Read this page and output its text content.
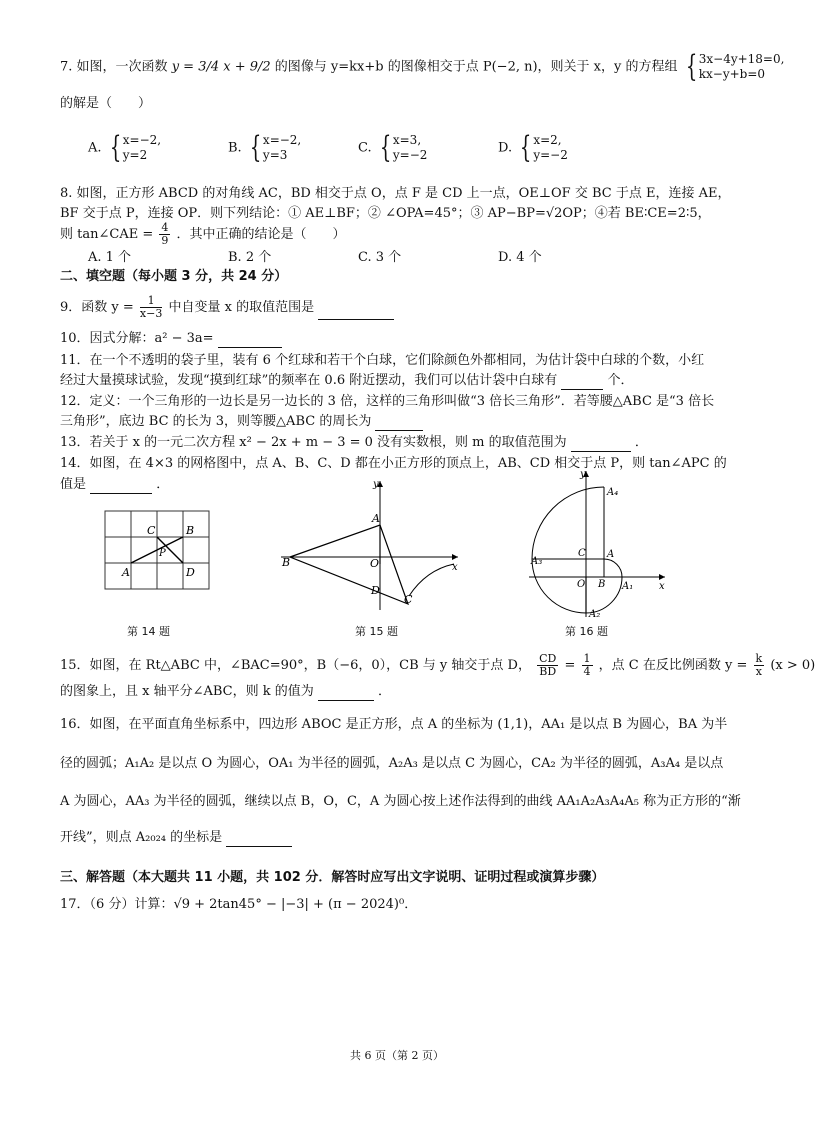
7. 如图，一次函数 y = 3/4 x + 9/2 的图像与 y=kx+b 的图像相交于点 P(−2, n)，则关于 x，y 的方程组 { 3x−4y+18=0,
kx−y+b=0
的解是（　　）
A. { x=−2,
y=2	B. { x=−2,
y=3	C. { x=3,
y=−2	D. { x=2,
y=−2
8. 如图，正方形 ABCD 的对角线 AC，BD 相交于点 O，点 F 是 CD 上一点，OE⊥OF 交 BC 于点 E，连接 AE，
BF 交于点 P，连接 OP．则下列结论：① AE⊥BF；② ∠OPA=45°；③ AP−BP=√2OP；④若 BE∶CE=2∶5，
则 tan∠CAE = $\frac{4}{9}$ ．其中正确的结论是（　　）
A. 1 个	B. 2 个	C. 3 个	D. 4 个
二、填空题（每小题 3 分，共 24 分）
9．函数 $y = \frac{1}{x-3}$ 中自变量 x 的取值范围是
10．因式分解：a² − 3a=
11．在一个不透明的袋子里，装有 6 个红球和若干个白球，它们除颜色外都相同，为估计袋中白球的个数，小红
经过大量摸球试验，发现“摸到红球”的频率在 0.6 附近摆动，我们可以估计袋中白球有	个．
12．定义：一个三角形的一边长是另一边长的 3 倍，这样的三角形叫做“3 倍长三角形”．若等腰△ABC 是“3 倍长
三角形”，底边 BC 的长为 3，则等腰△ABC 的周长为
13．若关于 x 的一元二次方程 x² − 2x + m − 3 = 0 没有实数根，则 m 的取值范围为	．
14．如图，在 4×3 的网格图中，点 A、B、C、D 都在小正方形的顶点上，AB、CD 相交于点 P，则 tan∠APC 的
值是	．
A
B
C
D
P
第 14 题
y
x
A
B	O
D
C
第 15 题
y
x
A₄
A₃
C A
O B A₁
A₂
第 16 题
15．如图，在 Rt△ABC 中，∠BAC=90°，B（−6，0），CB 与 y 轴交于点 D， $\frac{CD}{BD} = \frac{1}{4}$ ，点 C 在反比例函数 $y = \frac{k}{x} (x > 0)$
的图象上，且 x 轴平分∠ABC，则 k 的值为	．
16．如图，在平面直角坐标系中，四边形 ABOC 是正方形，点 A 的坐标为 (1,1)，AA₁ 是以点 B 为圆心，BA 为半
径的圆弧；A₁A₂ 是以点 O 为圆心，OA₁ 为半径的圆弧，A₂A₃ 是以点 C 为圆心，CA₂ 为半径的圆弧，A₃A₄ 是以点
A 为圆心，AA₃ 为半径的圆弧，继续以点 B，O，C，A 为圆心按上述作法得到的曲线 AA₁A₂A₃A₄A₅ 称为正方形的“渐
开线”，则点 A₂₀₂₄ 的坐标是
三、解答题（本大题共 11 小题，共 102 分．解答时应写出文字说明、证明过程或演算步骤）
17．（6 分）计算：√9 + 2tan45° − |−3| + (π − 2024)⁰．
共 6 页（第 2 页）
